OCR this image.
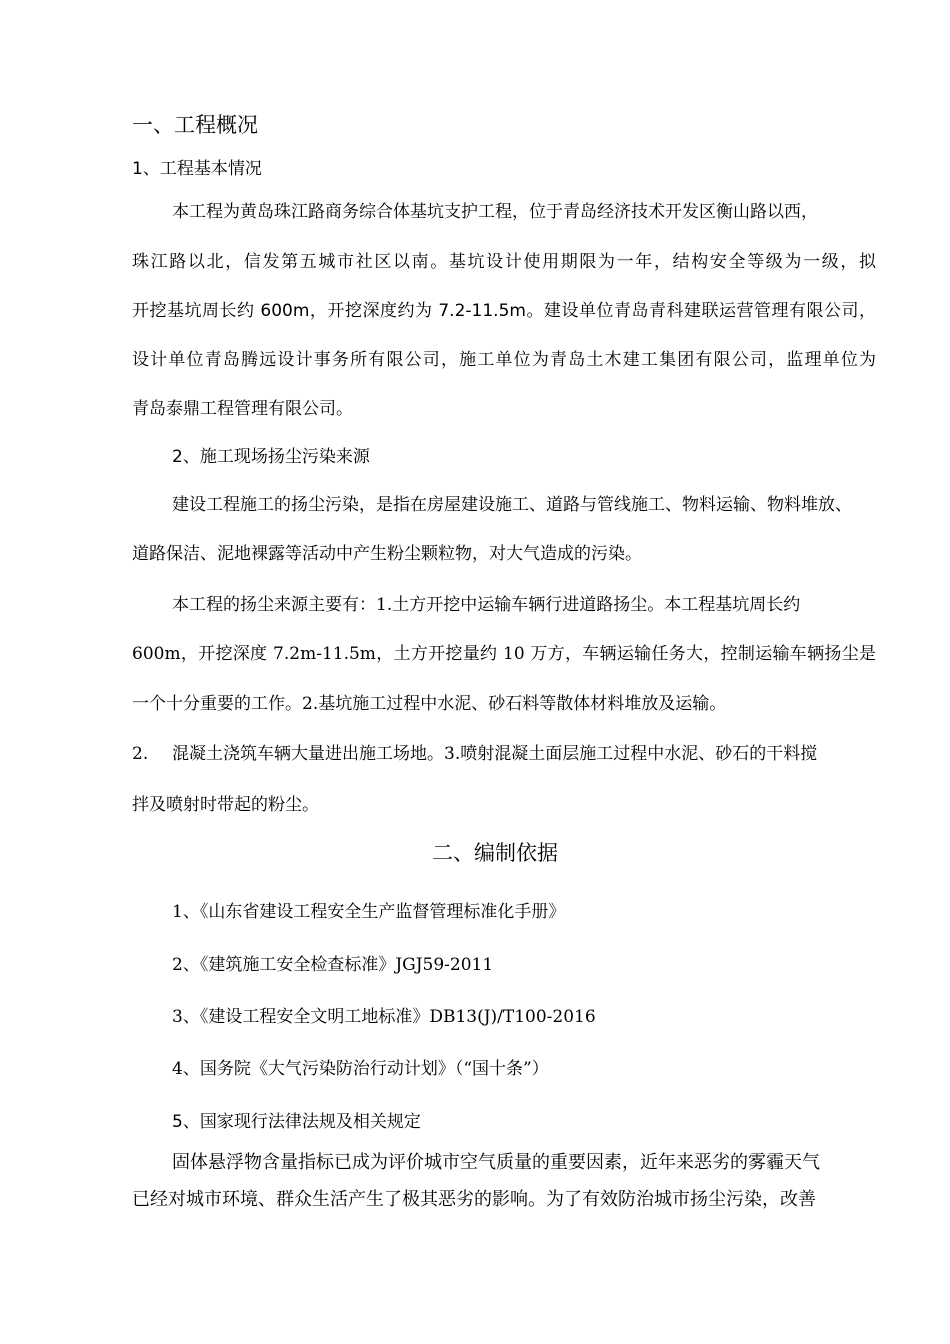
一、工程概况
1、工程基本情况
本工程为黄岛珠江路商务综合体基坑支护工程，位于青岛经济技术开发区衡山路以西，
珠江路以北，信发第五城市社区以南。基坑设计使用期限为一年，结构安全等级为一级，拟
开挖基坑周长约 600m，开挖深度约为 7.2-11.5m。建设单位青岛青科建联运营管理有限公司，
设计单位青岛腾远设计事务所有限公司，施工单位为青岛土木建工集团有限公司，监理单位为
青岛泰鼎工程管理有限公司。
2、施工现场扬尘污染来源
建设工程施工的扬尘污染，是指在房屋建设施工、道路与管线施工、物料运输、物料堆放、
道路保洁、泥地裸露等活动中产生粉尘颗粒物，对大气造成的污染。
本工程的扬尘来源主要有：1.土方开挖中运输车辆行进道路扬尘。本工程基坑周长约
600m，开挖深度 7.2m-11.5m，土方开挖量约 10 万方，车辆运输任务大，控制运输车辆扬尘是
一个十分重要的工作。2.基坑施工过程中水泥、砂石料等散体材料堆放及运输。
2. 混凝土浇筑车辆大量进出施工场地。3.喷射混凝土面层施工过程中水泥、砂石的干料搅
拌及喷射时带起的粉尘。
二、编制依据
1、《山东省建设工程安全生产监督管理标准化手册》
2、《建筑施工安全检查标准》JGJ59-2011
3、《建设工程安全文明工地标准》DB13(J)/T100-2016
4、国务院《大气污染防治行动计划》（“国十条”）
5、国家现行法律法规及相关规定
固体悬浮物含量指标已成为评价城市空气质量的重要因素，近年来恶劣的雾霾天气
已经对城市环境、群众生活产生了极其恶劣的影响。为了有效防治城市扬尘污染，改善
